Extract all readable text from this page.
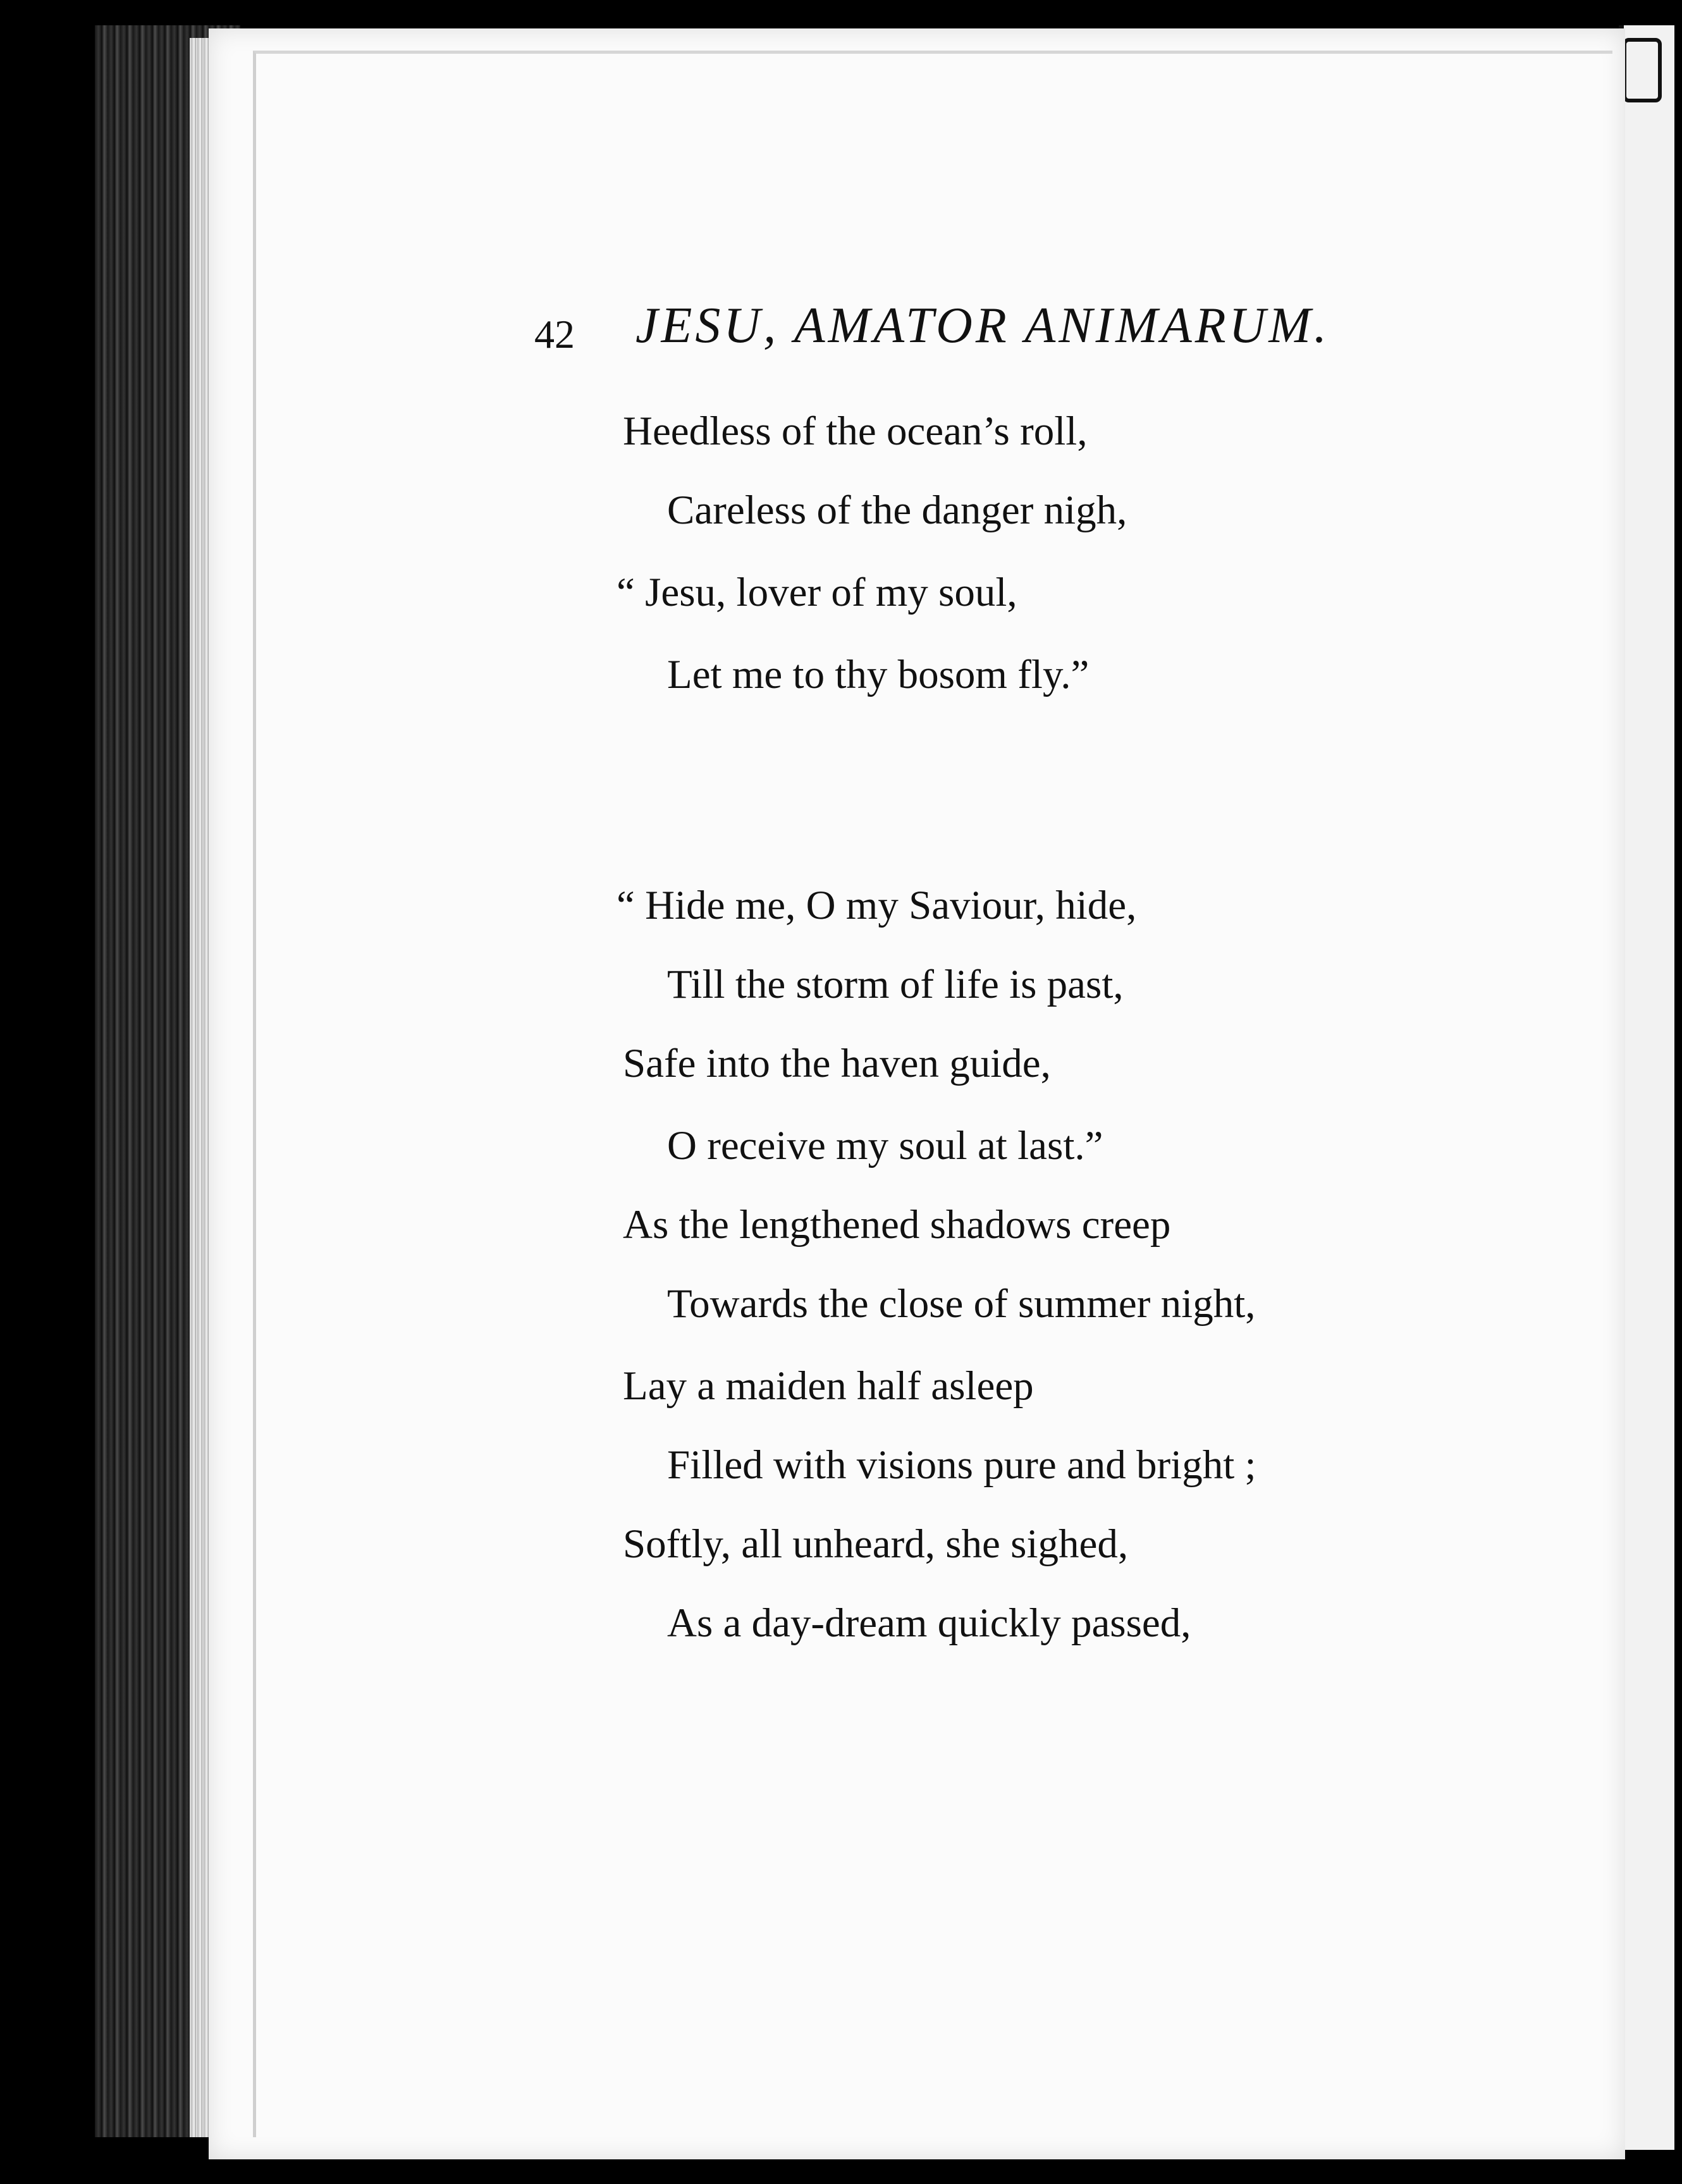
42 JESU, AMATOR ANIMARUM.
Heedless of the ocean’s roll,
Careless of the danger nigh,
“ Jesu, lover of my soul,
Let me to thy bosom fly.”
“ Hide me, O my Saviour, hide,
Till the storm of life is past,
Safe into the haven guide,
O receive my soul at last.”
As the lengthened shadows creep
Towards the close of summer night,
Lay a maiden half asleep
Filled with visions pure and bright ;
Softly, all unheard, she sighed,
As a day-dream quickly passed,
